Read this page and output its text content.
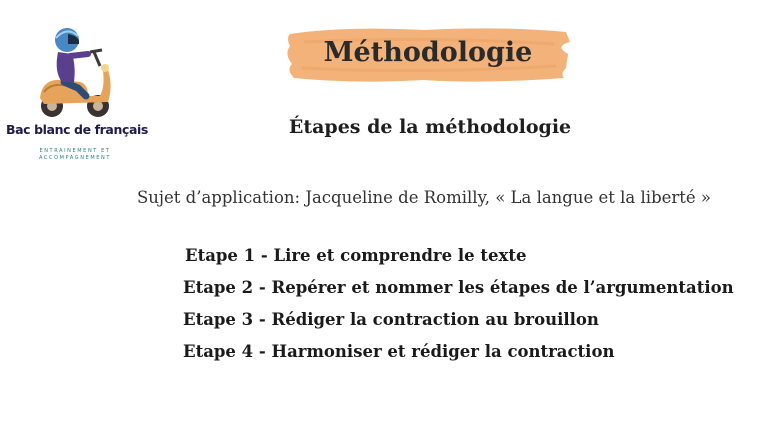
Bac blanc de français
ENTRAINEMENT ET
ACCOMPAGNEMENT
Méthodologie
Étapes de la méthodologie
Sujet d’application: Jacqueline de Romilly, « La langue et la liberté »
Etape 1 - Lire et comprendre le texte
Etape 2 - Repérer et nommer les étapes de l’argumentation
Etape 3 - Rédiger la contraction au brouillon
Etape 4 - Harmoniser et rédiger la contraction
